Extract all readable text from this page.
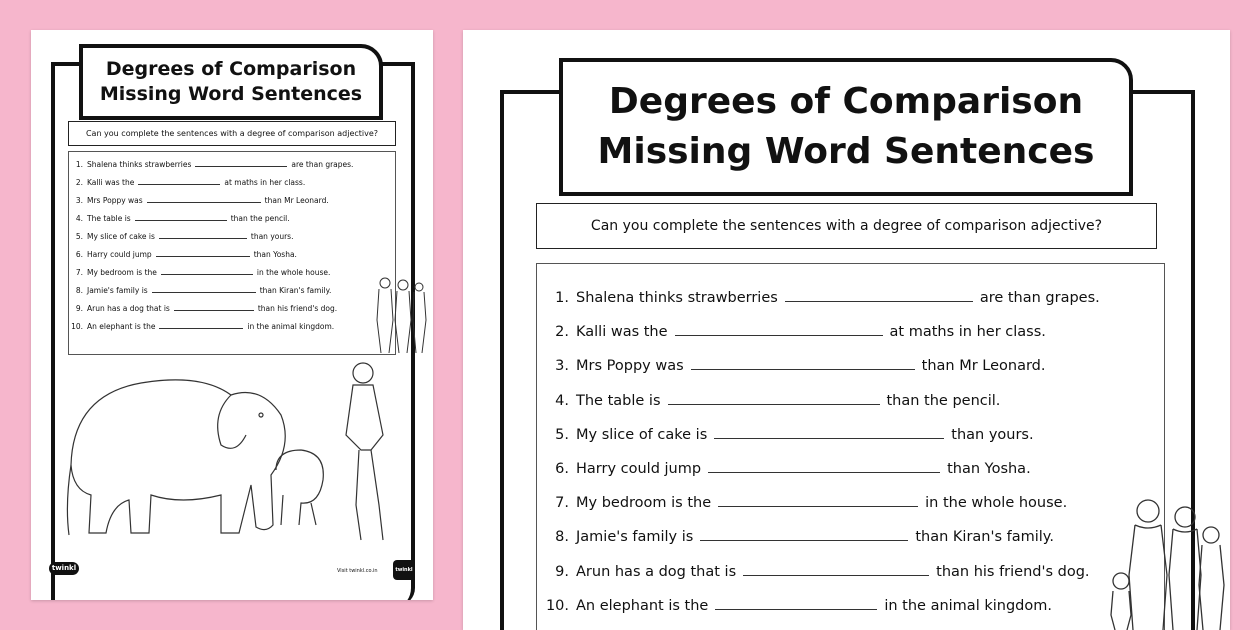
Degrees of Comparison
Missing Word Sentences
Can you complete the sentences with a degree of comparison adjective?
1. Shalena thinks strawberries	are than grapes.
2. Kalli was the	at maths in her class.
3. Mrs Poppy was	than Mr Leonard.
4. The table is	than the pencil.
5. My slice of cake is	than yours.
6. Harry could jump	than Yosha.
7. My bedroom is the	in the whole house.
8. Jamie's family is	than Kiran's family.
9. Arun has a dog that is	than his friend's dog.
10. An elephant is the	in the animal kingdom.
twinkl	Visit twinkl.co.in	twinkl
Degrees of Comparison
Missing Word Sentences
Can you complete the sentences with a degree of comparison adjective?
1. Shalena thinks strawberries	are than grapes.
2. Kalli was the	at maths in her class.
3. Mrs Poppy was	than Mr Leonard.
4. The table is	than the pencil.
5. My slice of cake is	than yours.
6. Harry could jump	than Yosha.
7. My bedroom is the	in the whole house.
8. Jamie's family is	than Kiran's family.
9. Arun has a dog that is	than his friend's dog.
10. An elephant is the	in the animal kingdom.
